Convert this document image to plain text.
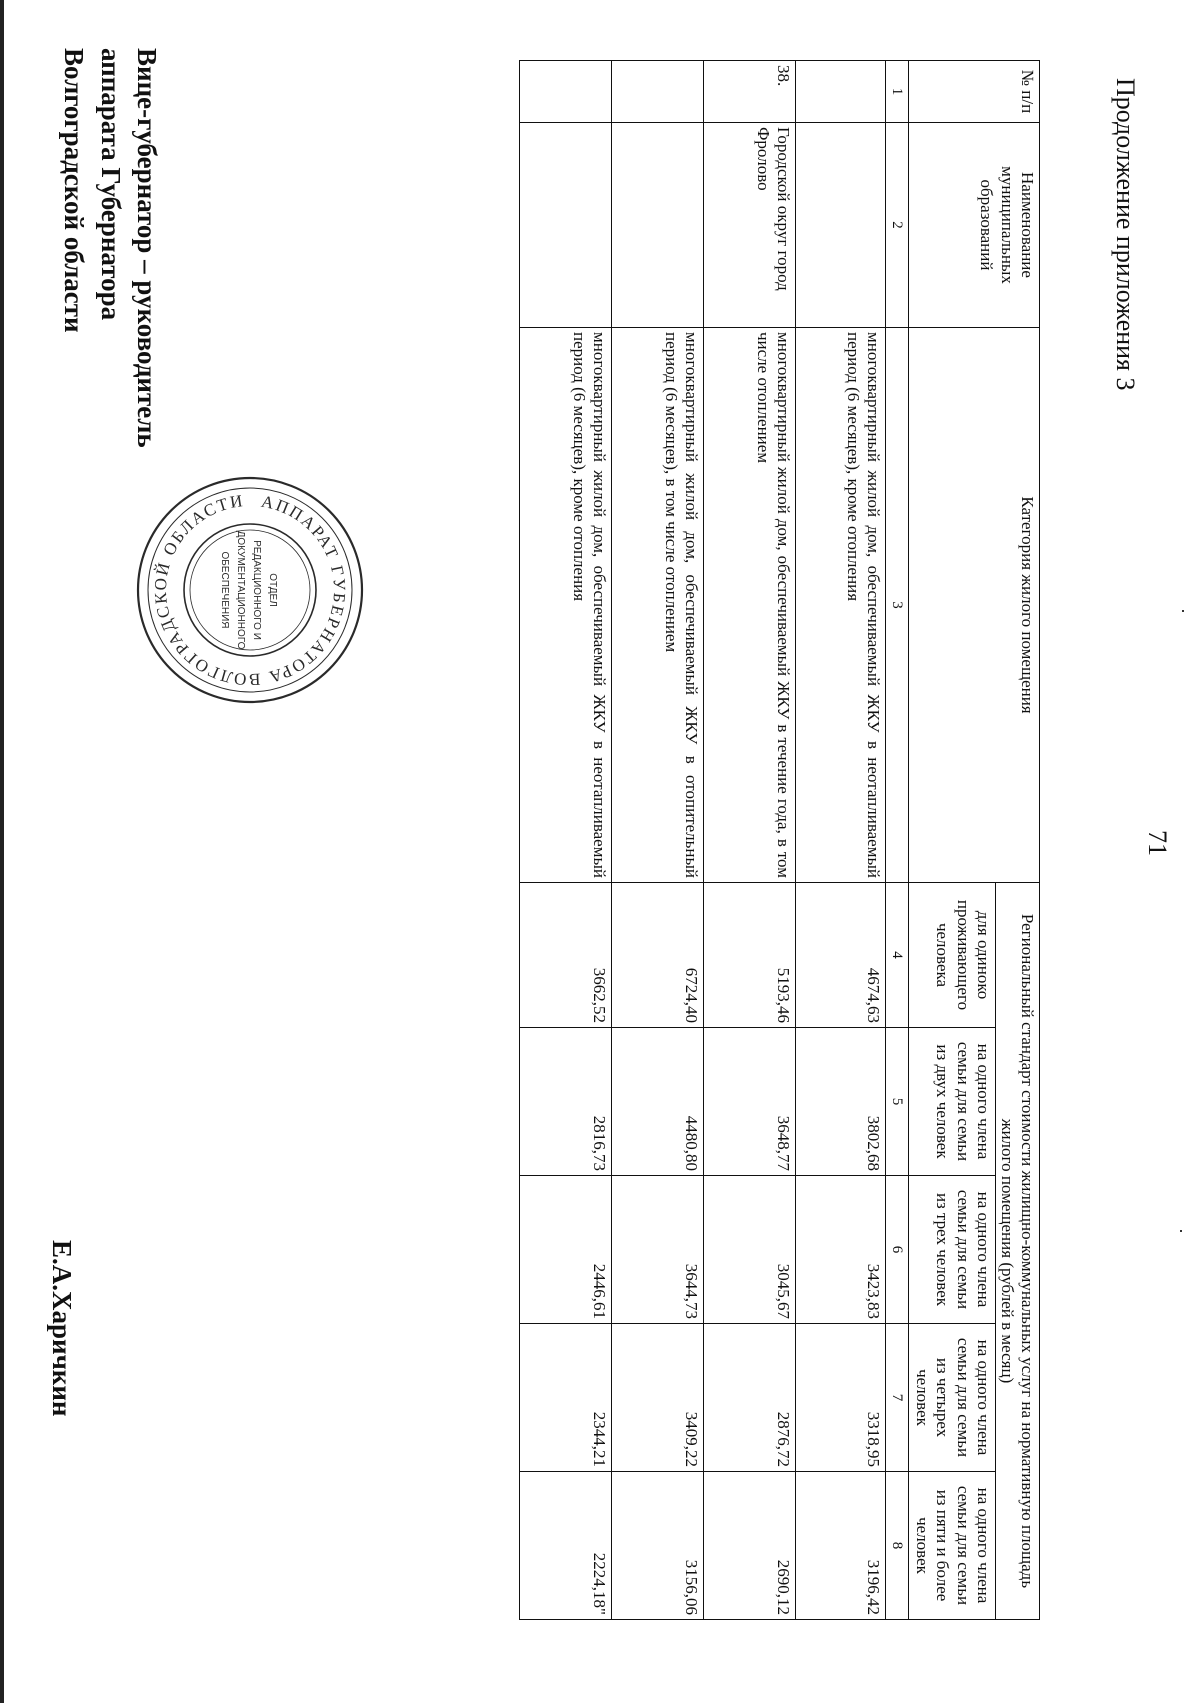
Продолжение приложения 3
71
№ п/п	Наименование муниципальных образований	Категория жилого помещения	Региональный стандарт стоимости жилищно-коммунальных услуг на нормативную площадь жилого помещения (рублей в месяц)				
			для одиноко проживающего человека	на одного члена семьи для семьи из двух человек	на одного члена семьи для семьи из трех человек	на одного члена семьи для семьи из четырех человек	на одного члена семьи для семьи из пяти и более человек
1	2	3	4	5	6	7	8
		многоквартирный жилой дом, обеспечиваемый ЖКУ в неотапливаемый период (6 месяцев), кроме отопления	4674,63	3802,68	3423,83	3318,95	3196,42
38.	Городской округ город Фролово	многоквартирный жилой дом, обеспечиваемый ЖКУ в течение года, в том числе отоплением	5193,46	3648,77	3045,67	2876,72	2690,12
		многоквартирный жилой дом, обеспечиваемый ЖКУ в отопительный период (6 месяцев), в том числе отоплением	6724,40	4480,80	3644,73	3409,22	3156,06
		многоквартирный жилой дом, обеспечиваемый ЖКУ в неотапливаемый период (6 месяцев), кроме отопления	3662,52	2816,73	2446,61	2344,21	2224,18"
Вице-губернатор – руководитель
аппарата Губернатора
Волгоградской области
Е.А.Харичкин
АППАРАТ ГУБЕРНАТОРА ВОЛГОГРАДСКОЙ ОБЛАСТИ
ОТДЕЛ
РЕДАКЦИОННОГО И
ДОКУМЕНТАЦИОННОГО
ОБЕСПЕЧЕНИЯ
